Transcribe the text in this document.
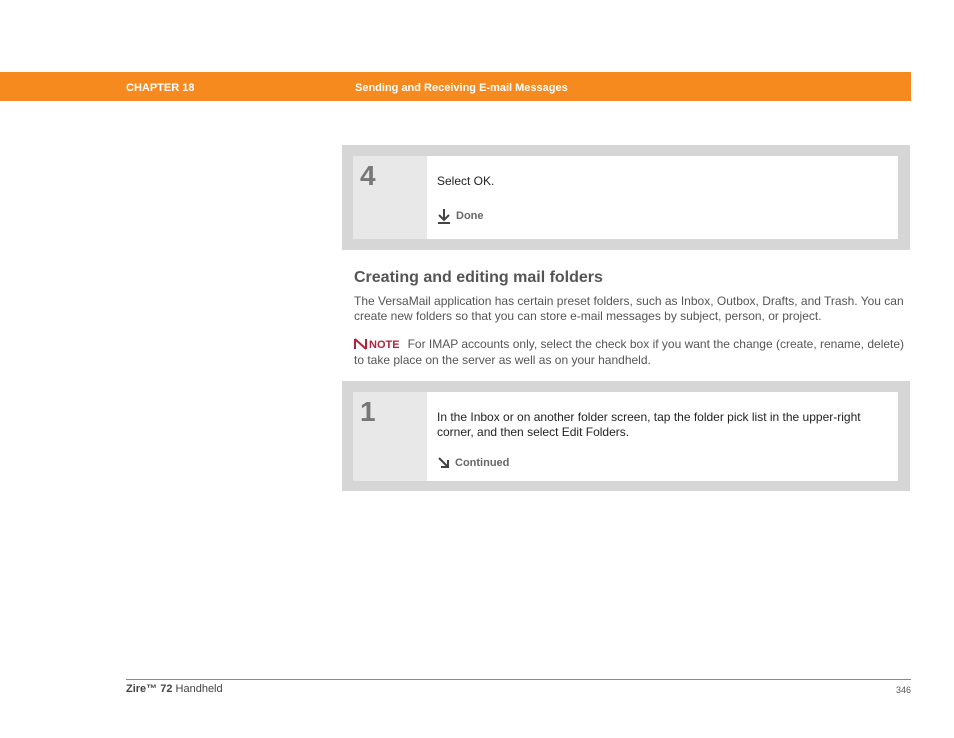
CHAPTER 18	Sending and Receiving E-mail Messages
4	Select OK.
Done
Creating and editing mail folders
The VersaMail application has certain preset folders, such as Inbox, Outbox, Drafts, and Trash. You can create new folders so that you can store e-mail messages by subject, person, or project.
NOTE For IMAP accounts only, select the check box if you want the change (create, rename, delete) to take place on the server as well as on your handheld.
1	In the Inbox or on another folder screen, tap the folder pick list in the upper-right corner, and then select Edit Folders.
Continued
Zire™ 72 Handheld	346
